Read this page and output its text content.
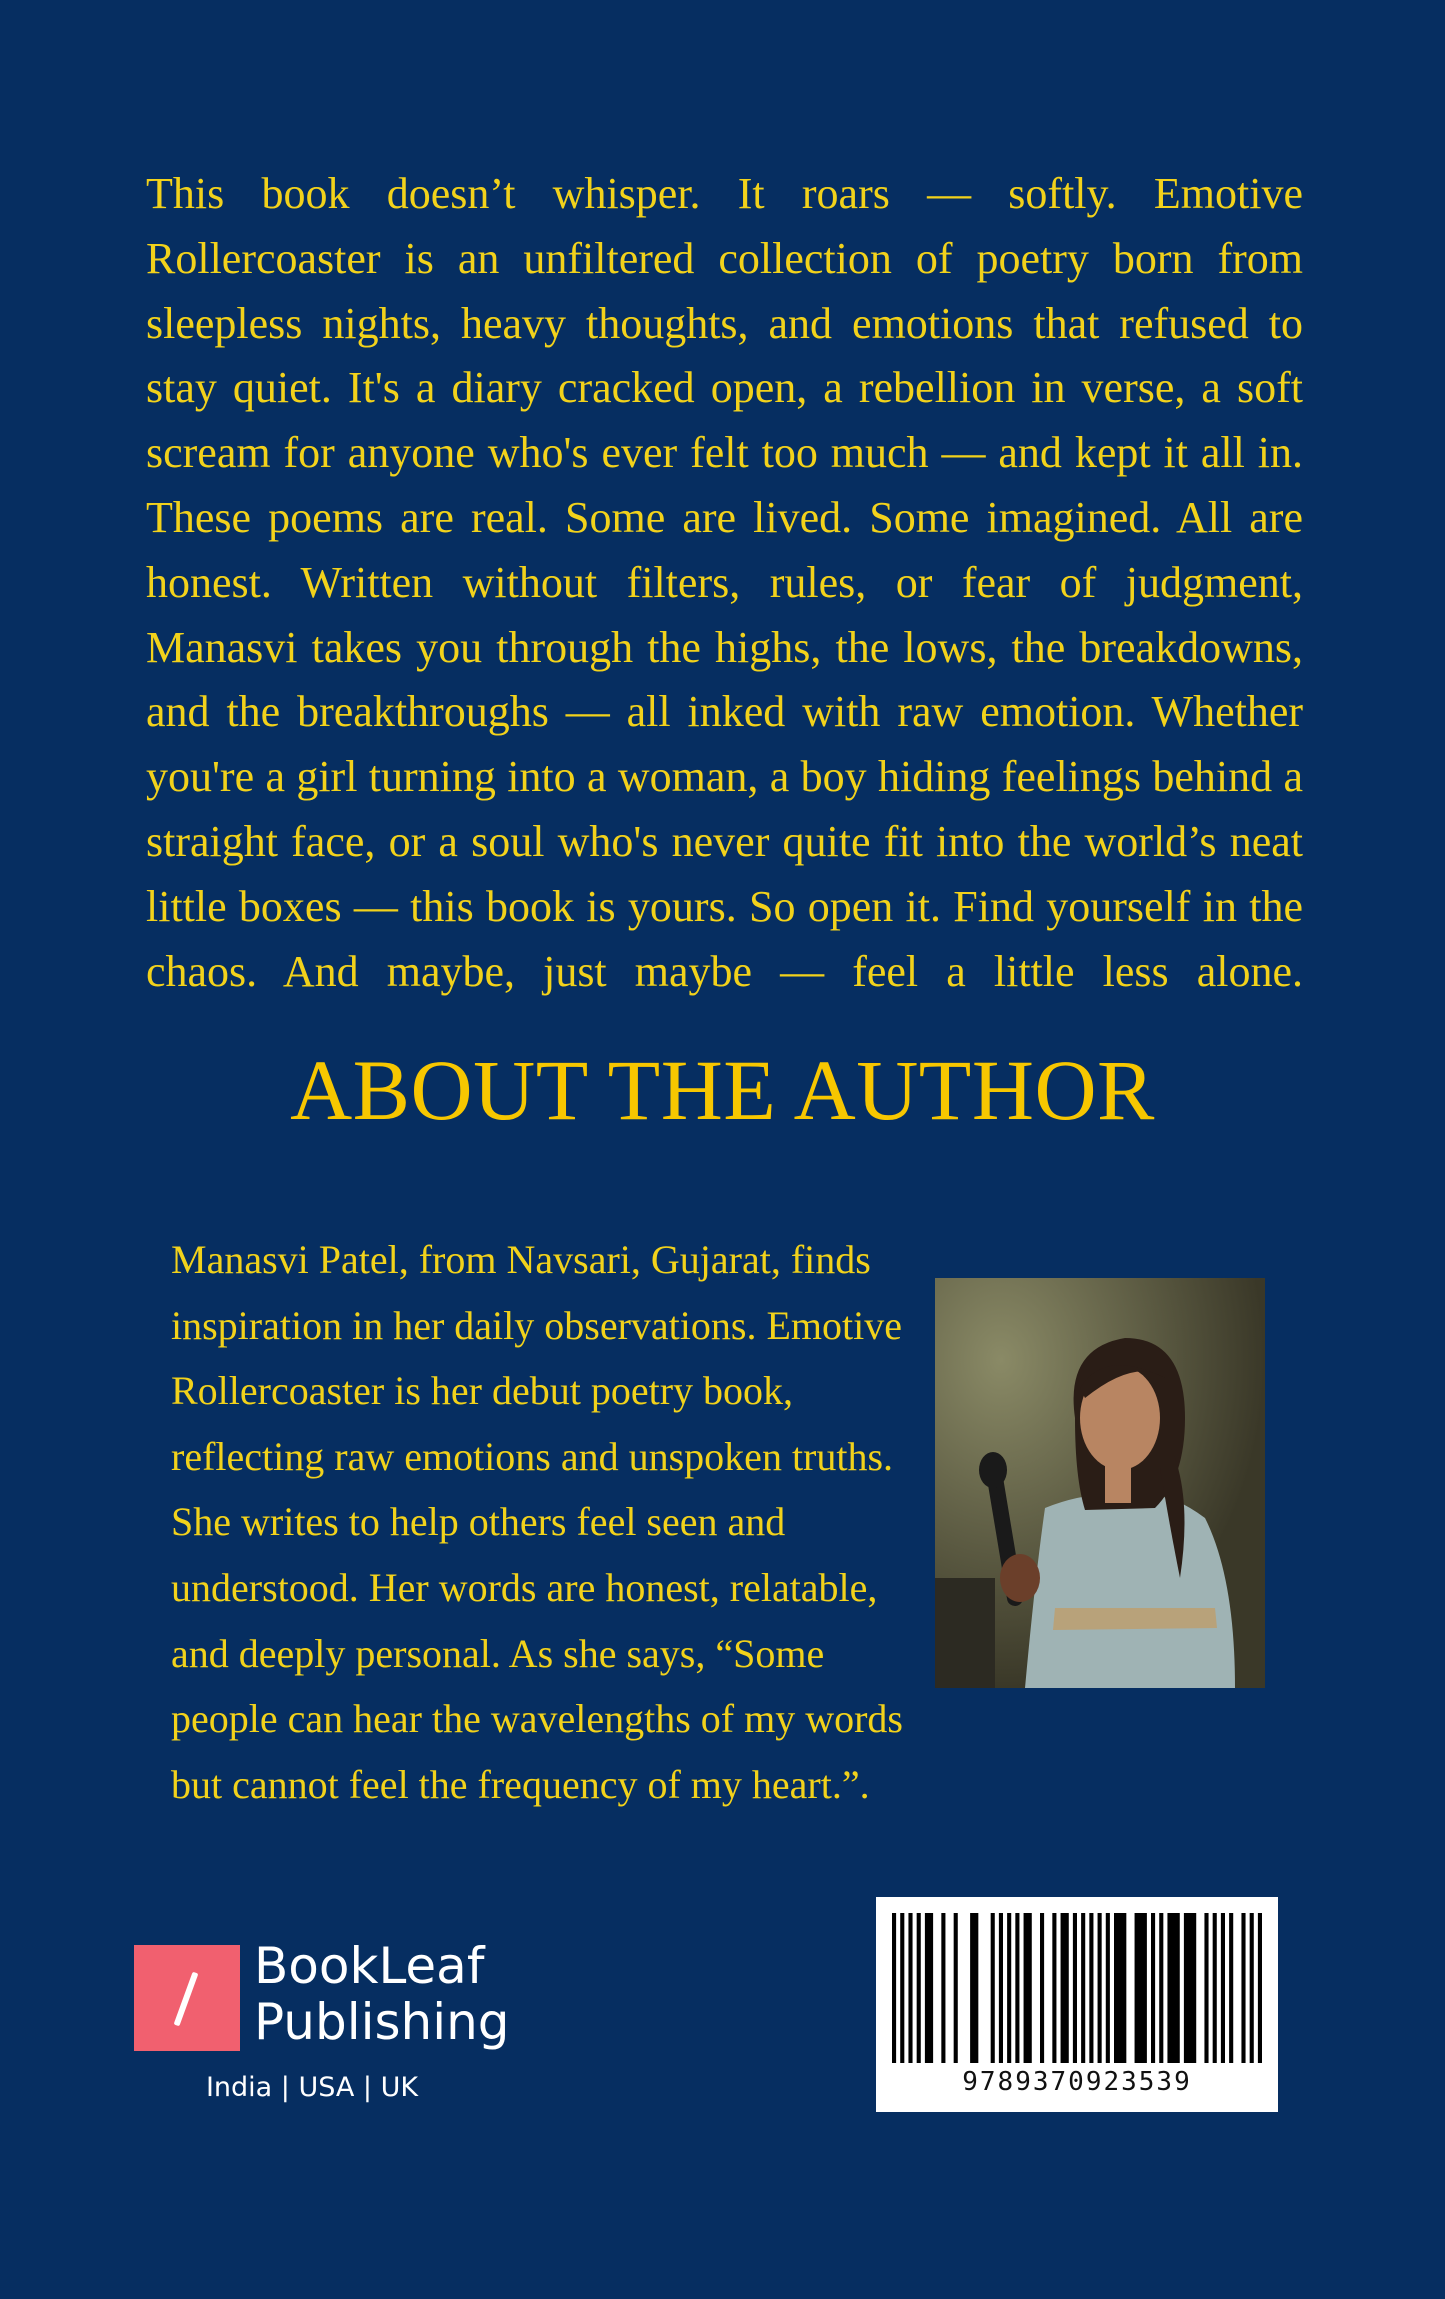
This book doesn’t whisper. It roars — softly. Emotive Rollercoaster is an unfiltered collection of poetry born from sleepless nights, heavy thoughts, and emotions that refused to stay quiet. It's a diary cracked open, a rebellion in verse, a soft scream for anyone who's ever felt too much — and kept it all in. These poems are real. Some are lived. Some imagined. All are honest. Written without filters, rules, or fear of judgment, Manasvi takes you through the highs, the lows, the breakdowns, and the breakthroughs — all inked with raw emotion. Whether you're a girl turning into a woman, a boy hiding feelings behind a straight face, or a soul who's never quite fit into the world’s neat little boxes — this book is yours. So open it. Find yourself in the chaos. And maybe, just maybe — feel a little less alone.

ABOUT THE AUTHOR

Manasvi Patel, from Navsari, Gujarat, finds inspiration in her daily observations. Emotive Rollercoaster is her debut poetry book, reflecting raw emotions and unspoken truths. She writes to help others feel seen and understood. Her words are honest, relatable, and deeply personal. As she says, “Some people can hear the wavelengths of my words but cannot feel the frequency of my heart.”.

BookLeaf
Publishing

India | USA | UK	9789370923539
